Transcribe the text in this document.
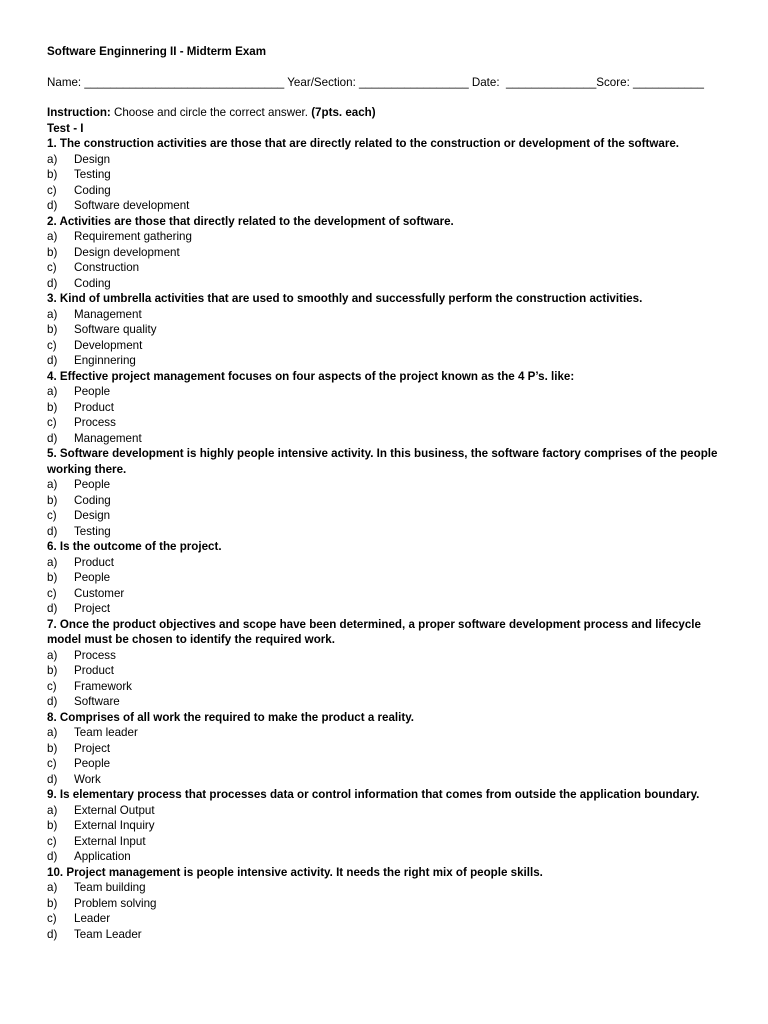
Software Enginnering II - Midterm Exam
Name: _______________________________ Year/Section: _________________ Date:  ______________Score: ___________
Instruction: Choose and circle the correct answer. (7pts. each)
Test - I
1. The construction activities are those that are directly related to the construction or development of the software.
a)	Design
b)	Testing
c)	Coding
d)	Software development
2. Activities are those that directly related to the development of software.
a)	Requirement gathering
b)	Design development
c)	Construction
d)	Coding
3. Kind of umbrella activities that are used to smoothly and successfully perform the construction activities.
a)	Management
b)	Software quality
c)	Development
d)	Enginnering
4. Effective project management focuses on four aspects of the project known as the 4 P’s. like:
a)	People
b)	Product
c)	Process
d)	Management
5. Software development is highly people intensive activity. In this business, the software factory comprises of the people working there.
a)	People
b)	Coding
c)	Design
d)	Testing
6. Is the outcome of the project.
a)	Product
b)	People
c)	Customer
d)	Project
7. Once the product objectives and scope have been determined, a proper software development process and lifecycle model must be chosen to identify the required work.
a)	Process
b)	Product
c)	Framework
d)	Software
8. Comprises of all work the required to make the product a reality.
a)	Team leader
b)	Project
c)	People
d)	Work
9. Is elementary process that processes data or control information that comes from outside the application boundary.
a)	External Output
b)	External Inquiry
c)	External Input
d)	Application
10. Project management is people intensive activity. It needs the right mix of people skills.
a)	Team building
b)	Problem solving
c)	Leader
d)	Team Leader
